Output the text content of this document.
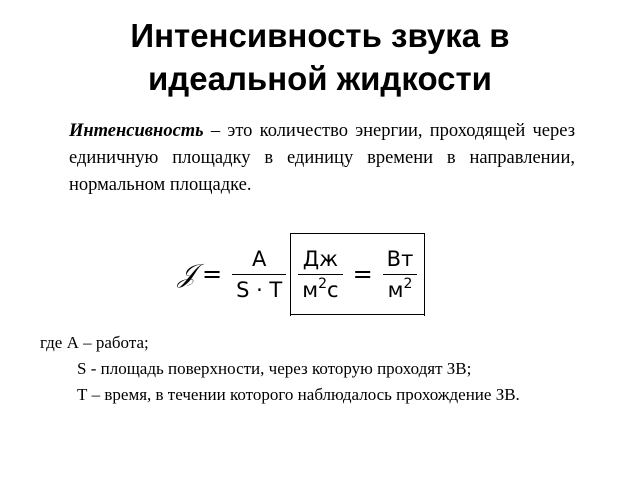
Интенсивность звука в
идеальной жидкости
Интенсивность – это количество энергии, проходящей через единичную площадку в единицу времени в направлении, нормальном площадке.
𝒥 = $\frac{A}{S \cdot T} \frac{Дж}{м^2с} = \frac{Вт}{м^2}$
где А – работа;
S - площадь поверхности, через которую проходят ЗВ;
Т – время, в течении которого наблюдалось прохождение ЗВ.
